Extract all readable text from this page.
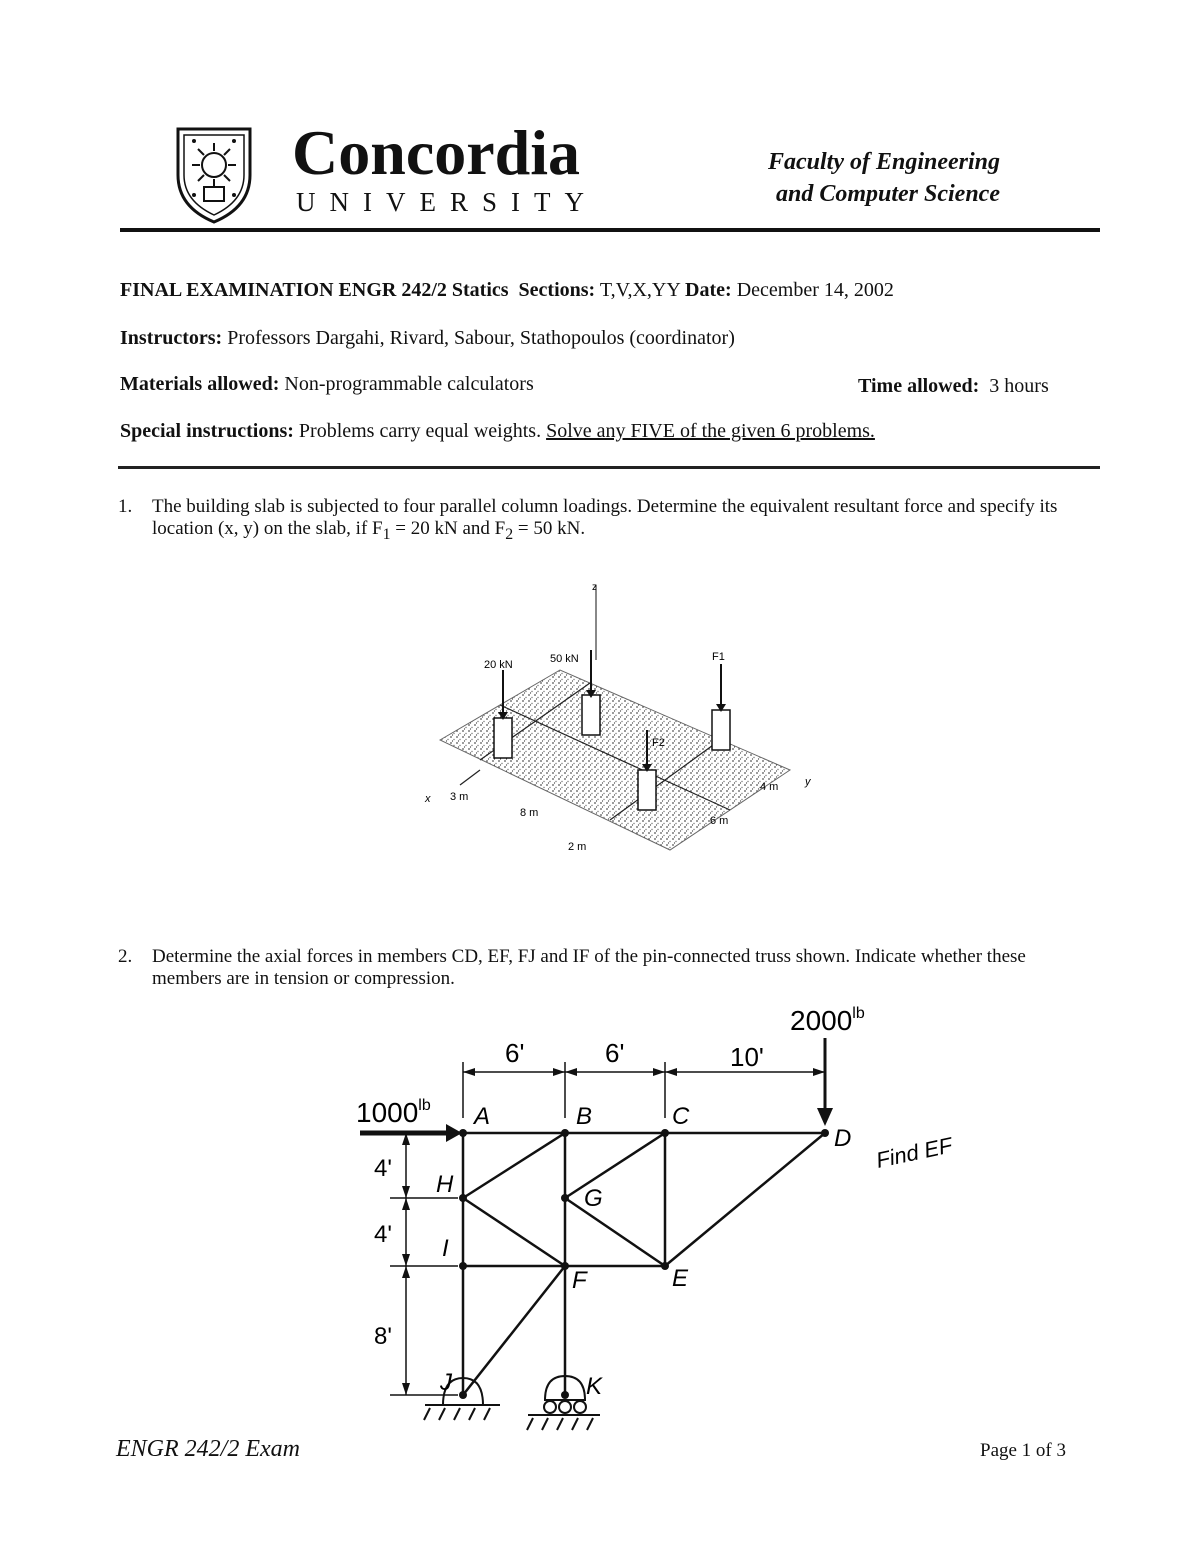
Concordia
UNIVERSITY
Faculty of Engineering
and Computer Science
FINAL EXAMINATION ENGR 242/2 Statics Sections: T,V,X,YY Date: December 14, 2002
Instructors: Professors Dargahi, Rivard, Sabour, Stathopoulos (coordinator)
Materials allowed: Non-programmable calculators	Time allowed: 3 hours
Special instructions: Problems carry equal weights. Solve any FIVE of the given 6 problems.
1. The building slab is subjected to four parallel column loadings. Determine the equivalent resultant force and specify its location (x, y) on the slab, if $F_1 = 20$ kN and $F_2 = 50$ kN.
z
x
y
20 kN	50 kN	F1
F2
3 m
8 m
2 m
4 m
6 m
2. Determine the axial forces in members CD, EF, FJ and IF of the pin-connected truss shown. Indicate whether these members are in tension or compression.
$2000^{lb}$
$1000^{lb}$
6'	6'	10'
4'
4'
8'
A	B	C
D
E
F
G
H
I
J	K
Find EF
ENGR 242/2 Exam	Page 1 of 3
